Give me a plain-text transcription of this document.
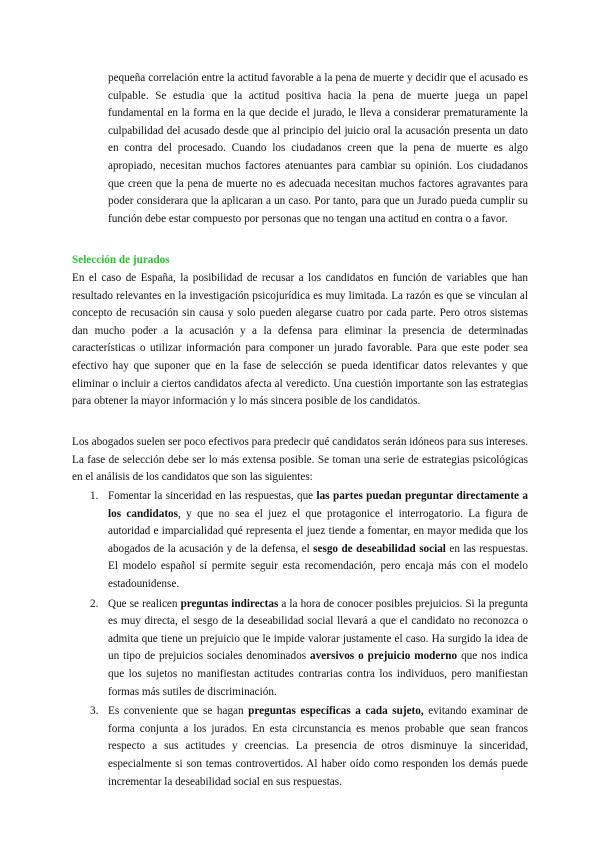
pequeña correlación entre la actitud favorable a la pena de muerte y decidir que el acusado es culpable. Se estudia que la actitud positiva hacia la pena de muerte juega un papel fundamental en la forma en la que decide el jurado, le lleva a considerar prematuramente la culpabilidad del acusado desde que al principio del juicio oral la acusación presenta un dato en contra del procesado. Cuando los ciudadanos creen que la pena de muerte es algo apropiado, necesitan muchos factores atenuantes para cambiar su opinión. Los ciudadanos que creen que la pena de muerte no es adecuada necesitan muchos factores agravantes para poder considerara que la aplicaran a un caso. Por tanto, para que un Jurado pueda cumplir su función debe estar compuesto por personas que no tengan una actitud en contra o a favor.

Selección de jurados

En el caso de España, la posibilidad de recusar a los candidatos en función de variables que han resultado relevantes en la investigación psicojurídica es muy limitada. La razón es que se vinculan al concepto de recusación sin causa y solo pueden alegarse cuatro por cada parte. Pero otros sistemas dan mucho poder a la acusación y a la defensa para eliminar la presencia de determinadas características o utilizar información para componer un jurado favorable. Para que este poder sea efectivo hay que suponer que en la fase de selección se pueda identificar datos relevantes y que eliminar o incluir a ciertos candidatos afecta al veredicto. Una cuestión importante son las estrategias para obtener la mayor información y lo más sincera posible de los candidatos.

Los abogados suelen ser poco efectivos para predecir qué candidatos serán idóneos para sus intereses. La fase de selección debe ser lo más extensa posible. Se toman una serie de estrategias psicológicas en el análisis de los candidatos que son las siguientes:

1. Fomentar la sinceridad en las respuestas, que las partes puedan preguntar directamente a los candidatos, y que no sea el juez el que protagonice el interrogatorio. La figura de autoridad e imparcialidad qué representa el juez tiende a fomentar, en mayor medida que los abogados de la acusación y de la defensa, el sesgo de deseabilidad social en las respuestas. El modelo español sí permite seguir esta recomendación, pero encaja más con el modelo estadounidense.

2. Que se realicen preguntas indirectas a la hora de conocer posibles prejuicios. Si la pregunta es muy directa, el sesgo de la deseabilidad social llevará a que el candidato no reconozca o admita que tiene un prejuicio que le impide valorar justamente el caso. Ha surgido la idea de un tipo de prejuicios sociales denominados aversivos o prejuicio moderno que nos indica que los sujetos no manifiestan actitudes contrarias contra los individuos, pero manifiestan formas más sutiles de discriminación.

3. Es conveniente que se hagan preguntas específicas a cada sujeto, evitando examinar de forma conjunta a los jurados. En esta circunstancia es menos probable que sean francos respecto a sus actitudes y creencias. La presencia de otros disminuye la sinceridad, especialmente si son temas controvertidos. Al haber oído como responden los demás puede incrementar la deseabilidad social en sus respuestas.
